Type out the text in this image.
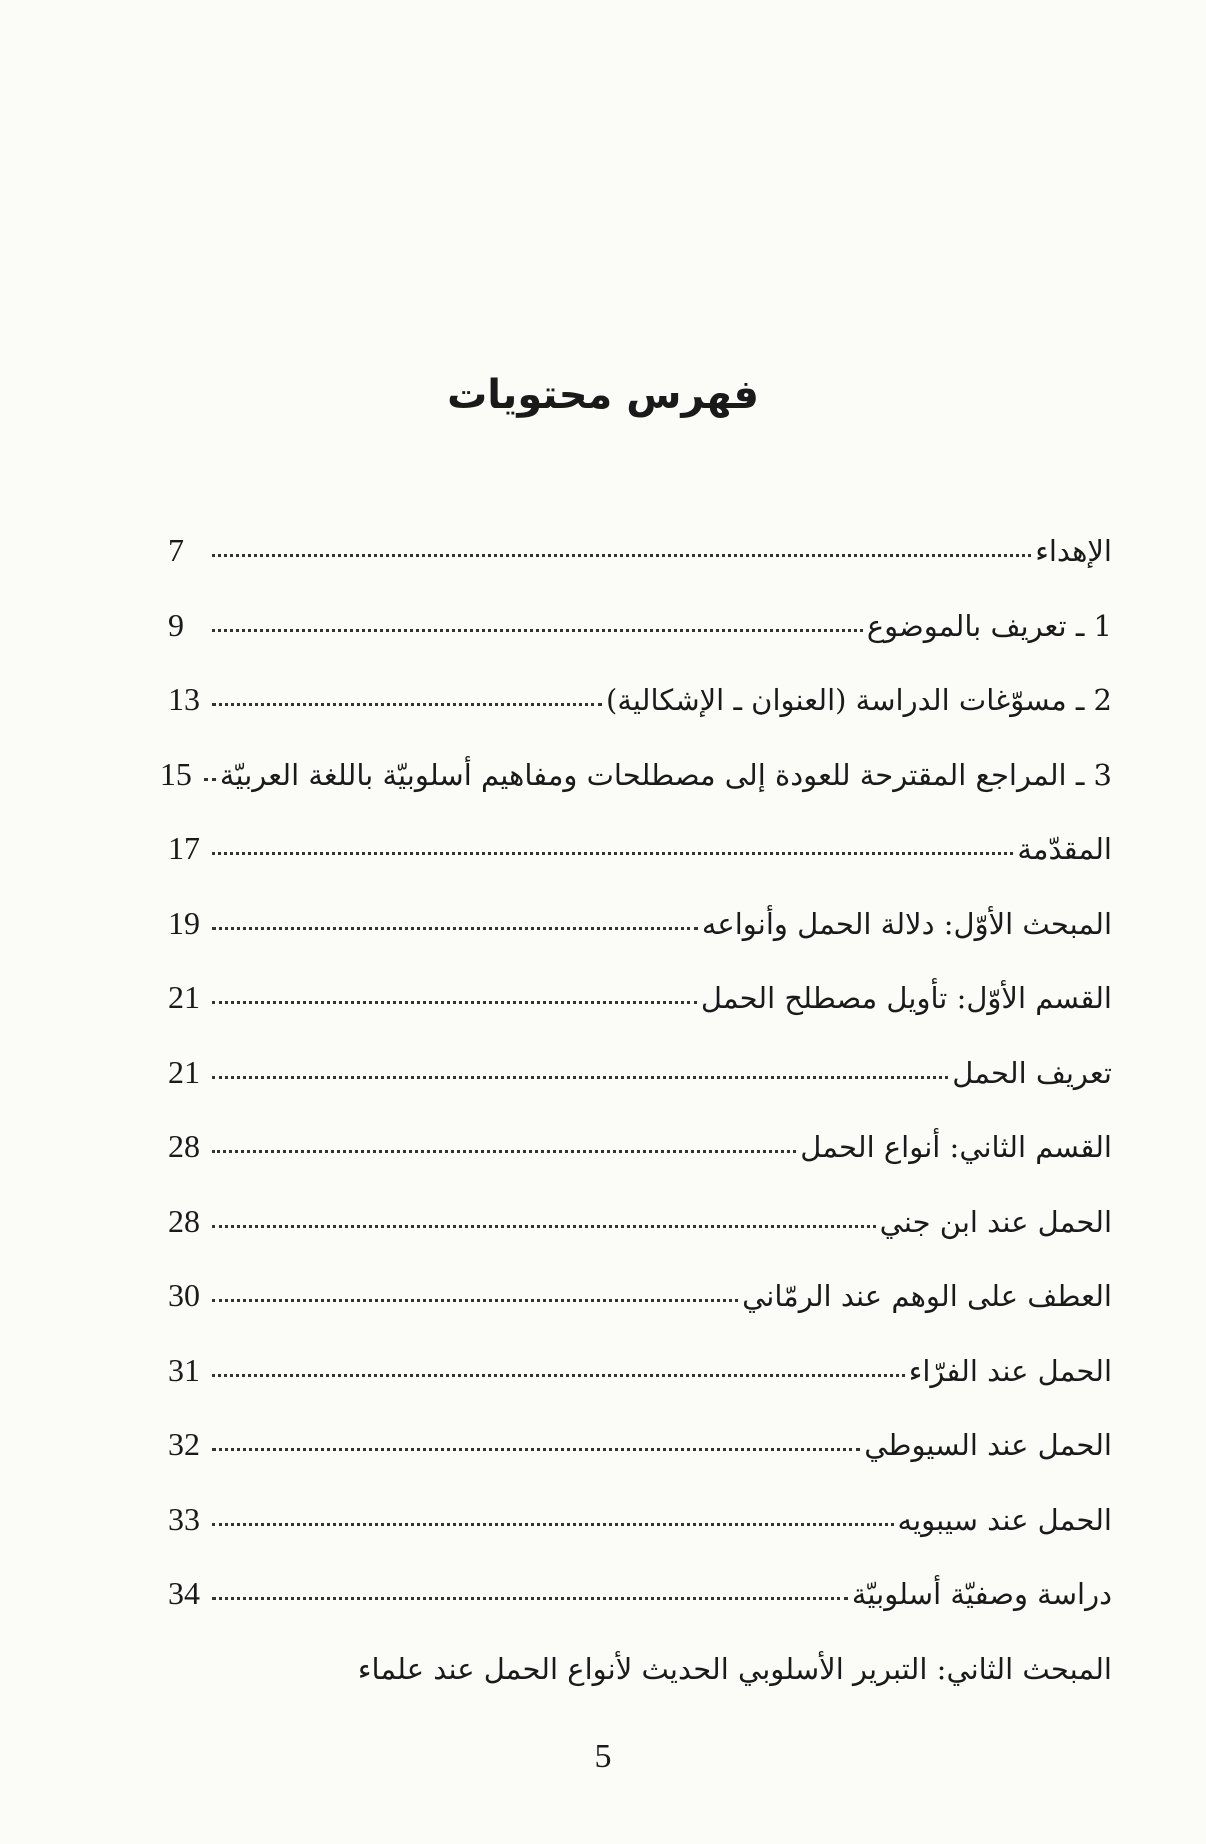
فهرس محتويات
الإهداء
7
1 ـ تعريف بالموضوع
9
2 ـ مسوّغات الدراسة (العنوان ـ الإشكالية)
13
3 ـ المراجع المقترحة للعودة إلى مصطلحات ومفاهيم أسلوبيّة باللغة العربيّة
15
المقدّمة
17
المبحث الأوّل: دلالة الحمل وأنواعه
19
القسم الأوّل: تأويل مصطلح الحمل
21
تعريف الحمل
21
القسم الثاني: أنواع الحمل
28
الحمل عند ابن جني
28
العطف على الوهم عند الرمّاني
30
الحمل عند الفرّاء
31
الحمل عند السيوطي
32
الحمل عند سيبويه
33
دراسة وصفيّة أسلوبيّة
34
المبحث الثاني: التبرير الأسلوبي الحديث لأنواع الحمل عند علماء
5
